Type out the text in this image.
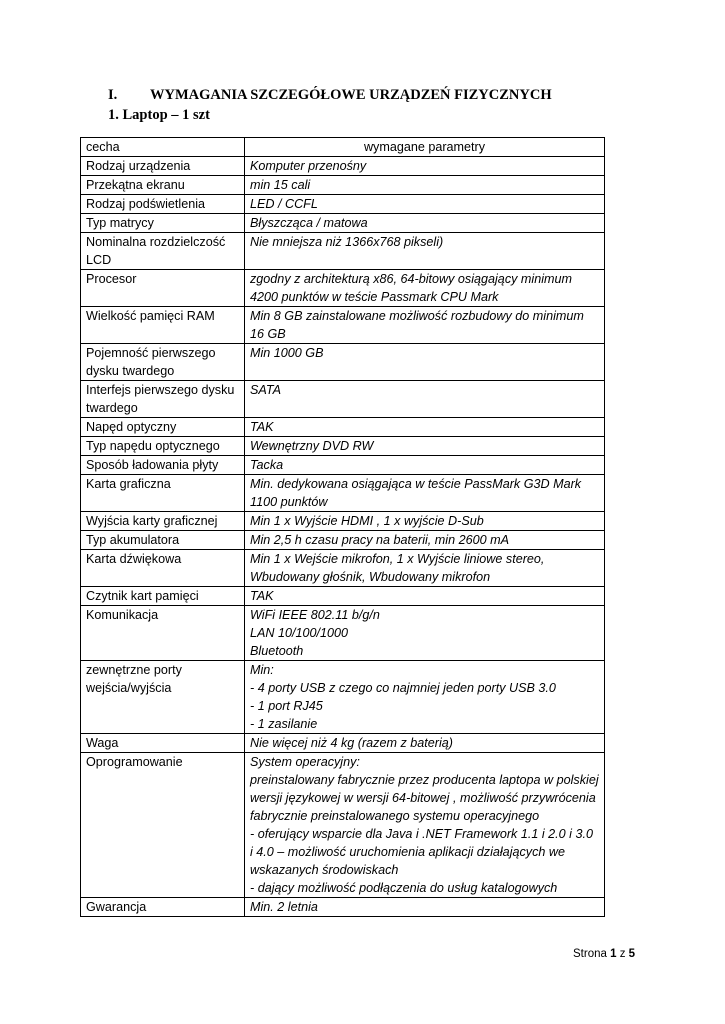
I. WYMAGANIA SZCZEGÓŁOWE URZĄDZEŃ FIZYCZNYCH
1. Laptop – 1 szt
cecha	wymagane parametry
Rodzaj urządzenia	Komputer przenośny

Przekątna ekranu	min 15 cali

Rodzaj podświetlenia	LED / CCFL

Typ matrycy	Błyszcząca / matowa

Nominalna rozdzielczość LCD	Nie mniejsza niż 1366x768 pikseli)

Procesor	zgodny z architekturą x86, 64-bitowy osiągający minimum 4200 punktów w teście Passmark CPU Mark

Wielkość pamięci RAM	Min 8 GB zainstalowane możliwość rozbudowy do minimum 16 GB

Pojemność pierwszego dysku twardego	Min 1000 GB

Interfejs pierwszego dysku twardego	SATA

Napęd optyczny	TAK

Typ napędu optycznego	Wewnętrzny DVD RW

Sposób ładowania płyty	Tacka

Karta graficzna	Min. dedykowana osiągająca w teście PassMark G3D Mark 1100 punktów

Wyjścia karty graficznej	Min 1 x Wyjście HDMI , 1 x wyjście D-Sub

Typ akumulatora	Min 2,5 h czasu pracy na baterii, min 2600 mA

Karta dźwiękowa	Min 1 x Wejście mikrofon, 1 x Wyjście liniowe stereo, Wbudowany głośnik, Wbudowany mikrofon

Czytnik kart pamięci	TAK

Komunikacja	WiFi IEEE 802.11 b/g/n
LAN 10/100/1000
Bluetooth

zewnętrzne porty wejścia/wyjścia	Min:
- 4 porty USB z czego co najmniej jeden porty USB 3.0
- 1 port RJ45
- 1 zasilanie

Waga	Nie więcej niż 4 kg (razem z baterią)

Oprogramowanie	System operacyjny:
preinstalowany fabrycznie przez producenta laptopa w polskiej wersji językowej w wersji 64-bitowej , możliwość przywrócenia fabrycznie preinstalowanego systemu operacyjnego
- oferujący wsparcie dla Java i .NET Framework 1.1 i 2.0 i 3.0 i 4.0 – możliwość uruchomienia aplikacji działających we wskazanych środowiskach
- dający możliwość podłączenia do usług katalogowych

Gwarancja	Min. 2 letnia
Strona 1 z 5
